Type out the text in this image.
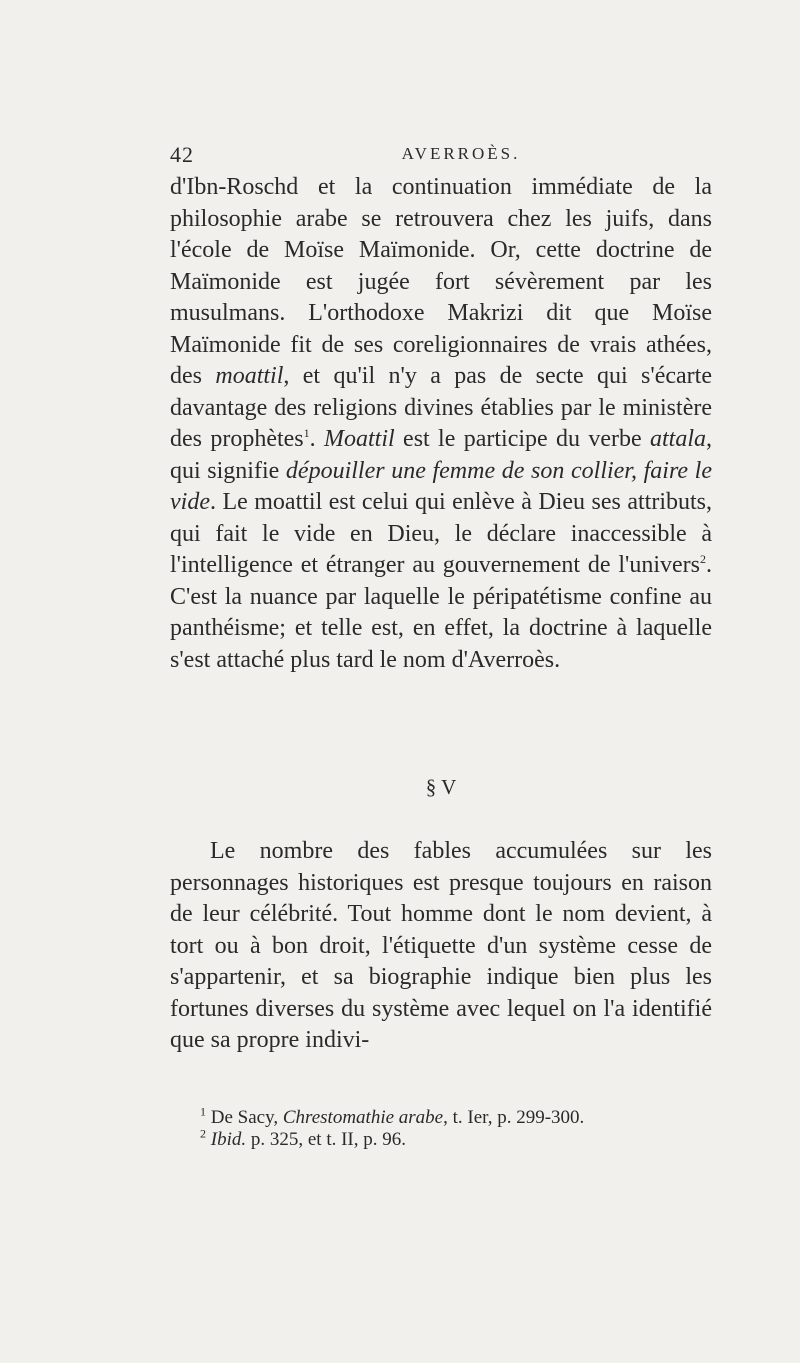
42	AVERROÈS.

d'Ibn-Roschd et la continuation immédiate de la philosophie arabe se retrouvera chez les juifs, dans l'école de Moïse Maïmonide. Or, cette doctrine de Maïmonide est jugée fort sévèrement par les musulmans. L'orthodoxe Makrizi dit que Moïse Maïmonide fit de ses coreligionnaires de vrais athées, des moattil, et qu'il n'y a pas de secte qui s'écarte davantage des religions divines établies par le ministère des prophètes$^1$. Moattil est le participe du verbe attala, qui signifie dépouiller une femme de son collier, faire le vide. Le moattil est celui qui enlève à Dieu ses attributs, qui fait le vide en Dieu, le déclare inaccessible à l'intelligence et étranger au gouvernement de l'univers$^2$. C'est la nuance par laquelle le péripatétisme confine au panthéisme; et telle est, en effet, la doctrine à laquelle s'est attaché plus tard le nom d'Averroès.

§ V

Le nombre des fables accumulées sur les personnages historiques est presque toujours en raison de leur célébrité. Tout homme dont le nom devient, à tort ou à bon droit, l'étiquette d'un système cesse de s'appartenir, et sa biographie indique bien plus les fortunes diverses du système avec lequel on l'a identifié que sa propre indivi-

$^1$ De Sacy, Chrestomathie arabe, t. Ier, p. 299-300.
$^2$ Ibid. p. 325, et t. II, p. 96.
